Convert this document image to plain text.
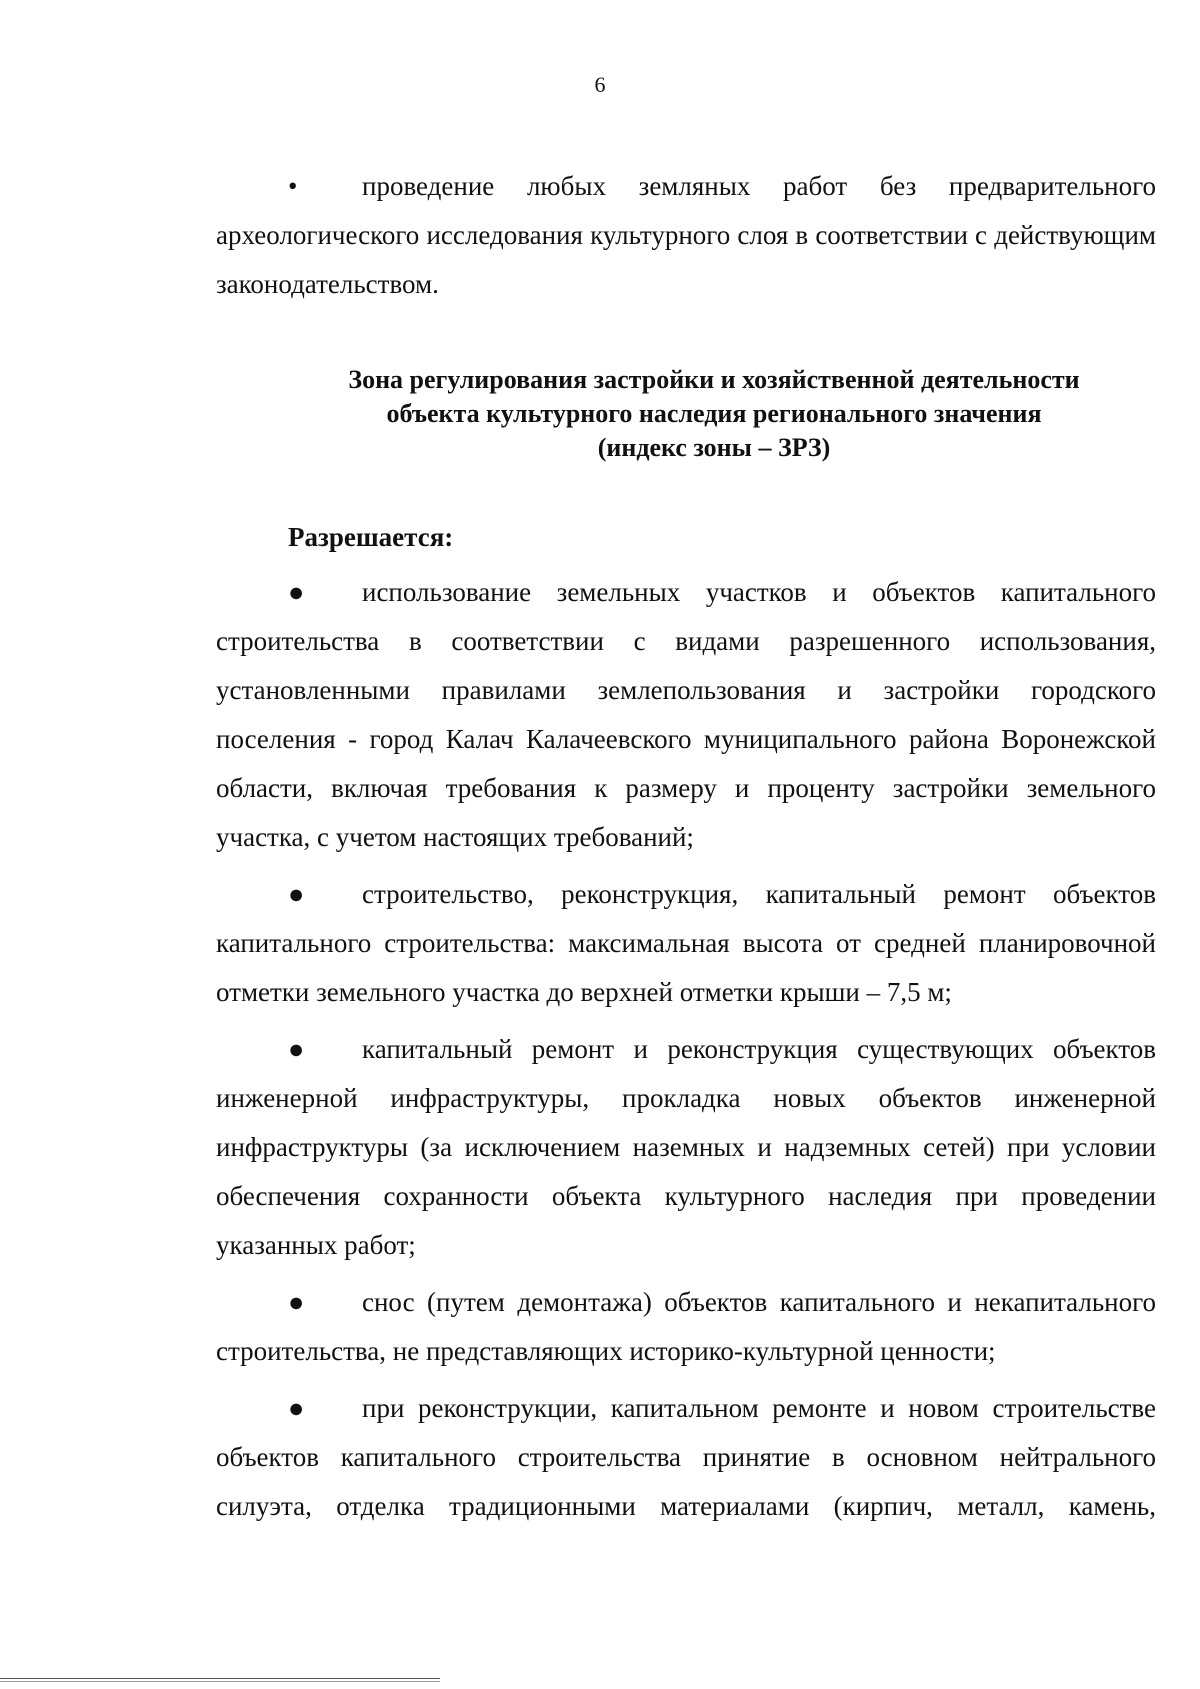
6

• проведение любых земляных работ без предварительного археологического исследования культурного слоя в соответствии с действующим законодательством.

Зона регулирования застройки и хозяйственной деятельности
объекта культурного наследия регионального значения
(индекс зоны – ЗРЗ)

Разрешается:

● использование земельных участков и объектов капитального строительства в соответствии с видами разрешенного использования, установленными правилами землепользования и застройки городского поселения - город Калач Калачеевского муниципального района Воронежской области, включая требования к размеру и проценту застройки земельного участка, с учетом настоящих требований;

● строительство, реконструкция, капитальный ремонт объектов капитального строительства: максимальная высота от средней планировочной отметки земельного участка до верхней отметки крыши – 7,5 м;

● капитальный ремонт и реконструкция существующих объектов инженерной инфраструктуры, прокладка новых объектов инженерной инфраструктуры (за исключением наземных и надземных сетей) при условии обеспечения сохранности объекта культурного наследия при проведении указанных работ;

● снос (путем демонтажа) объектов капитального и некапитального строительства, не представляющих историко-культурной ценности;

● при реконструкции, капитальном ремонте и новом строительстве объектов капитального строительства принятие в основном нейтрального силуэта, отделка традиционными материалами (кирпич, металл, камень,
